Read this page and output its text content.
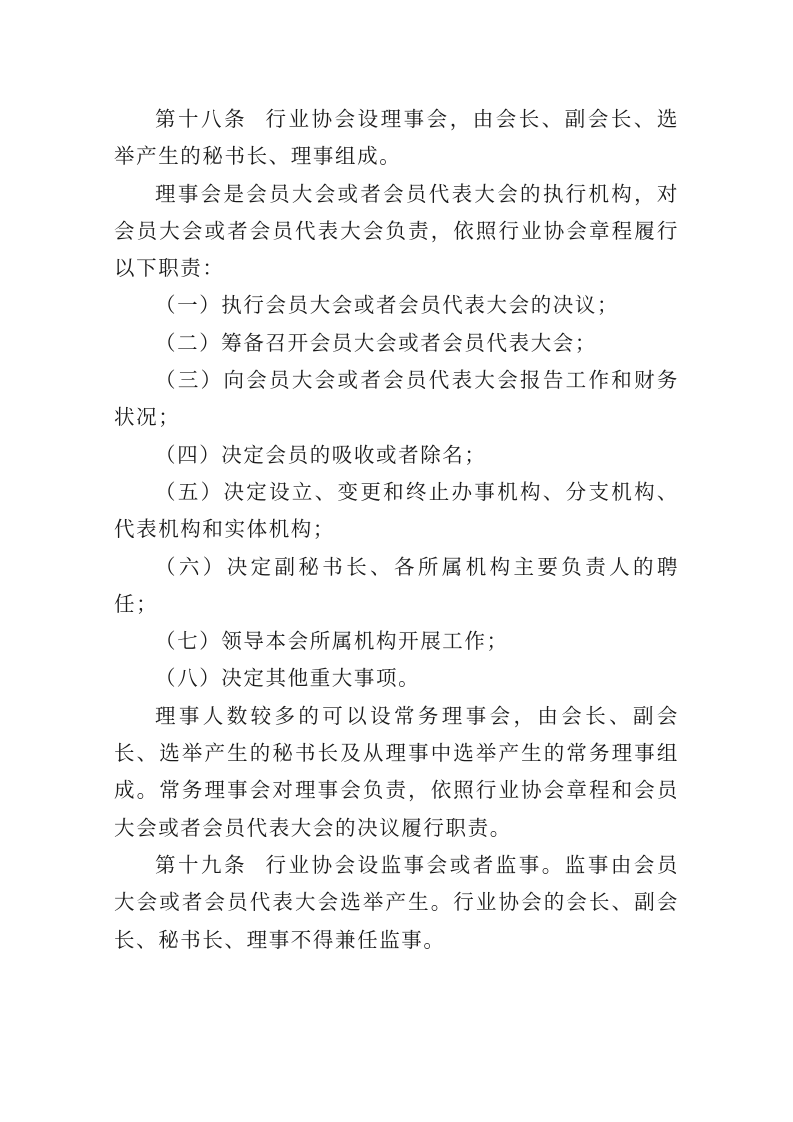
第十八条 行业协会设理事会，由会长、副会长、选举产生的秘书长、理事组成。

理事会是会员大会或者会员代表大会的执行机构，对会员大会或者会员代表大会负责，依照行业协会章程履行以下职责：

（一）执行会员大会或者会员代表大会的决议；

（二）筹备召开会员大会或者会员代表大会；

（三）向会员大会或者会员代表大会报告工作和财务状况；

（四）决定会员的吸收或者除名；

（五）决定设立、变更和终止办事机构、分支机构、代表机构和实体机构；

（六）决定副秘书长、各所属机构主要负责人的聘任；

（七）领导本会所属机构开展工作；

（八）决定其他重大事项。

理事人数较多的可以设常务理事会，由会长、副会长、选举产生的秘书长及从理事中选举产生的常务理事组成。常务理事会对理事会负责，依照行业协会章程和会员大会或者会员代表大会的决议履行职责。

第十九条 行业协会设监事会或者监事。监事由会员大会或者会员代表大会选举产生。行业协会的会长、副会长、秘书长、理事不得兼任监事。
